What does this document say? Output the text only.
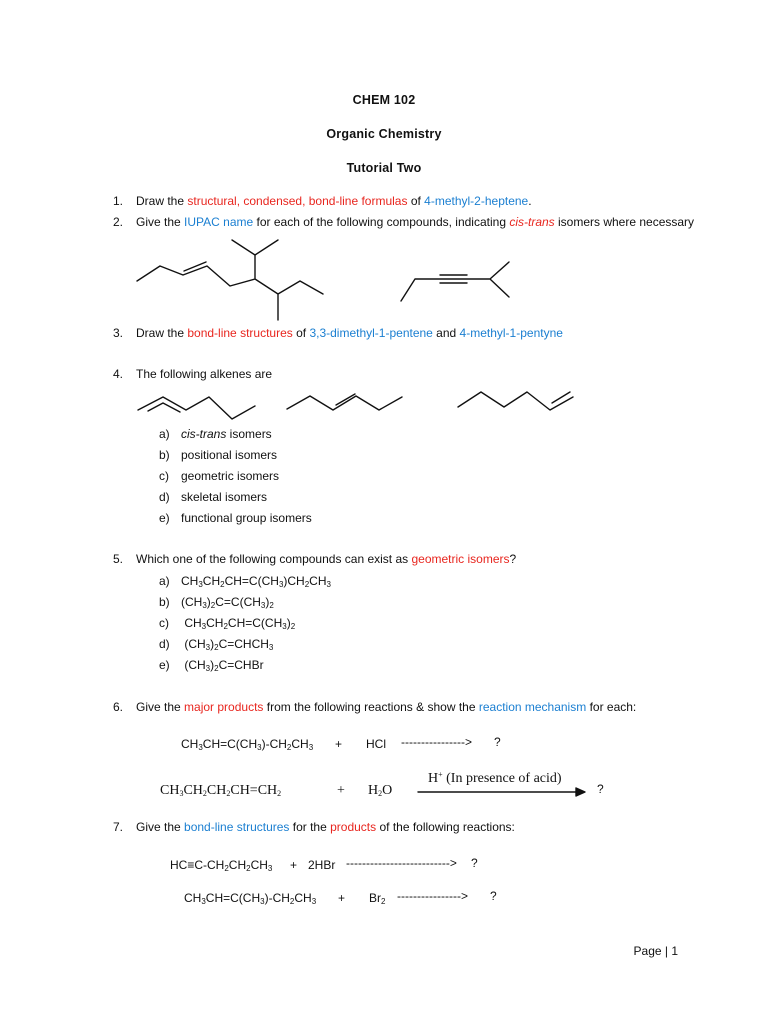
CHEM 102
Organic Chemistry
Tutorial Two
1. Draw the structural, condensed, bond-line formulas of 4-methyl-2-heptene.
2. Give the IUPAC name for each of the following compounds, indicating cis-trans isomers where necessary
3. Draw the bond-line structures of 3,3-dimethyl-1-pentene and 4-methyl-1-pentyne
4. The following alkenes are
a) cis-trans isomers
b) positional isomers
c) geometric isomers
d) skeletal isomers
e) functional group isomers
5. Which one of the following compounds can exist as geometric isomers?
a) $CH_3CH_2CH=C(CH_3)CH_2CH_3$
b) $(CH_3)_2C=C(CH_3)_2$
c) $CH_3CH_2CH=C(CH_3)_2$
d) $(CH_3)_2C=CHCH_3$
e) $(CH_3)_2C=CHBr$
6. Give the major products from the following reactions & show the reaction mechanism for each:
$CH_3CH=C(CH_3)-CH_2CH_3$ + HCl ----------------> ?
$CH_3CH_2CH_2CH=CH_2$	+ $H_2O$
H+ (In presence of acid)
?
7. Give the bond-line structures for the products of the following reactions:
$HC\equiv C-CH_2CH_2CH_3 + 2HBr$ --------------------------> ?
$CH_3CH=C(CH_3)-CH_2CH_3 + Br_2$ ----------------> ?
Page | 1
